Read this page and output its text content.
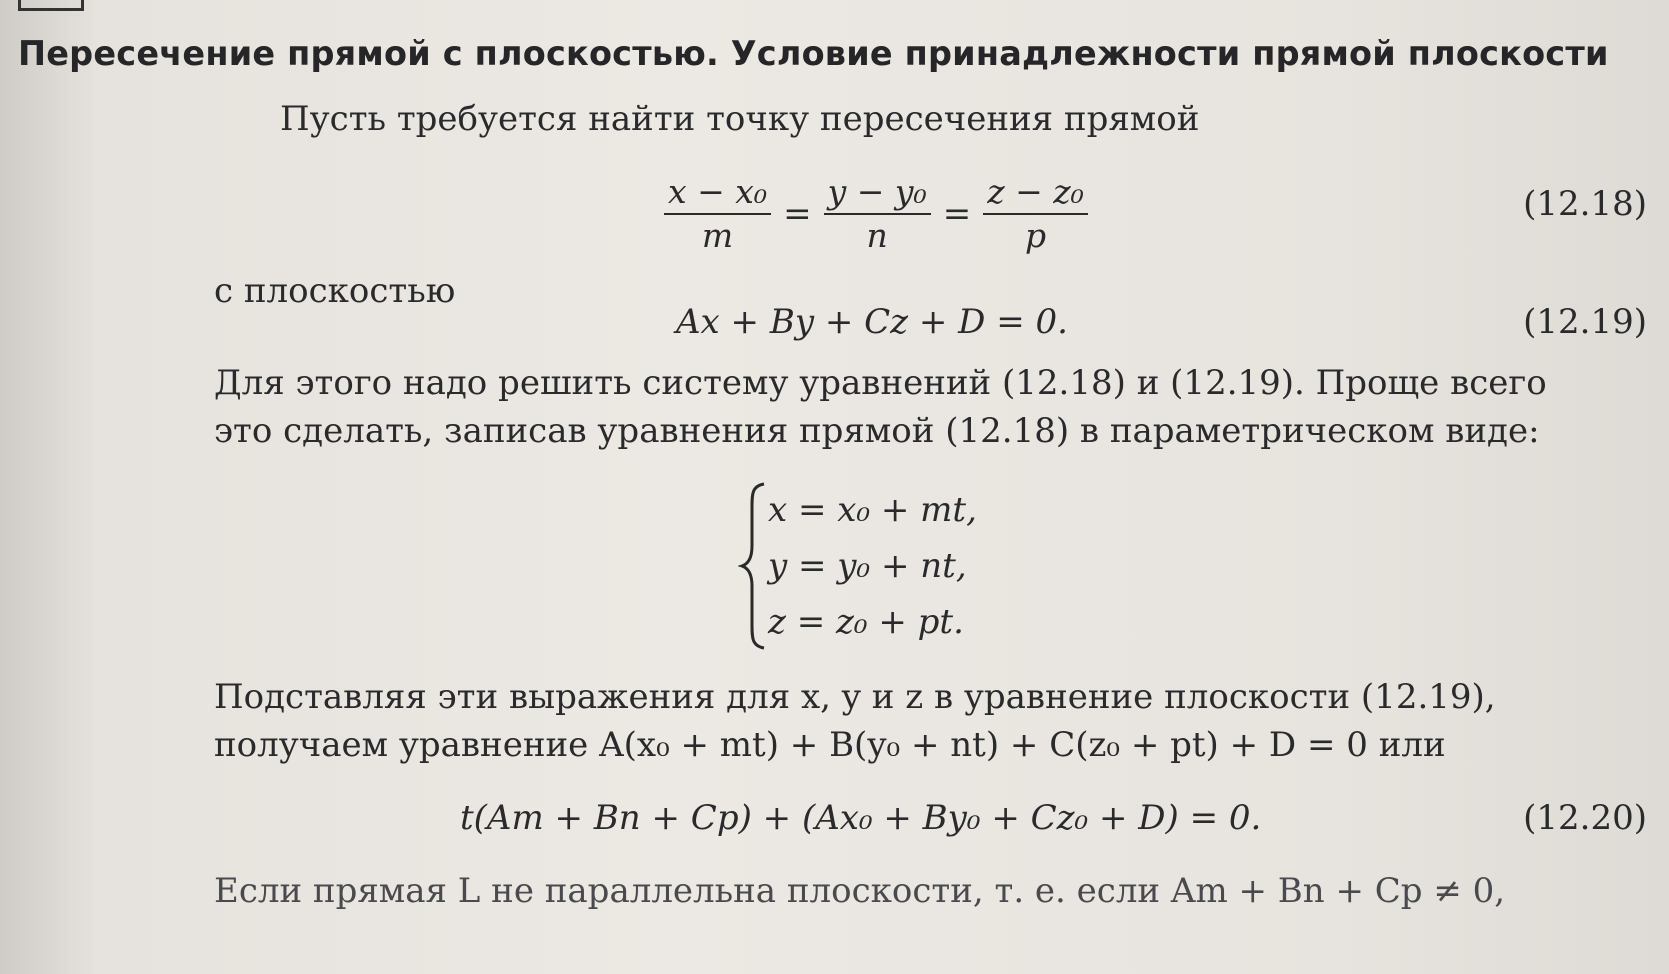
Пересечение прямой с плоскостью. Условие принадлежности прямой плоскости
Пусть требуется найти точку пересечения прямой
$\frac{\text{x − x₀}}{m} = \frac{\text{y − y₀}}{n} = \frac{\text{z − z₀}}{p}$	(12.18)
с плоскостью
Ax + By + Cz + D = 0.	(12.19)
Для этого надо решить систему уравнений (12.18) и (12.19). Проще всего
это сделать, записав уравнения прямой (12.18) в параметрическом виде:
x = x₀ + mt,
y = y₀ + nt,
z = z₀ + pt.
Подставляя эти выражения для x, y и z в уравнение плоскости (12.19),
получаем уравнение A(x₀ + mt) + B(y₀ + nt) + C(z₀ + pt) + D = 0 или
t(Am + Bn + Cp) + (Ax₀ + By₀ + Cz₀ + D) = 0.	(12.20)
Если прямая L не параллельна плоскости, т. е. если Am + Bn + Cp ≠ 0,
